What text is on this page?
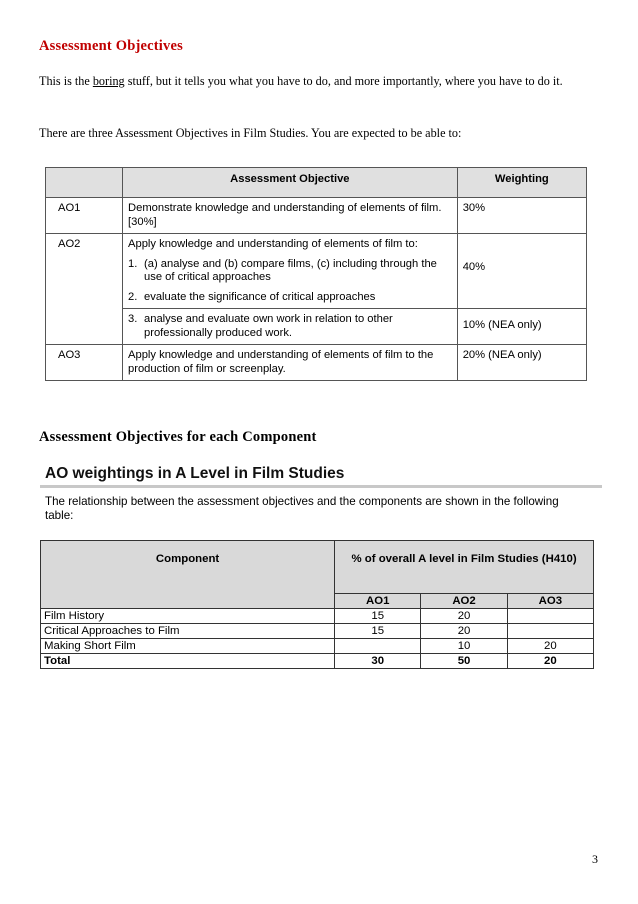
Assessment Objectives

This is the boring stuff, but it tells you what you have to do, and more importantly, where you have to do it.

There are three Assessment Objectives in Film Studies. You are expected to be able to:

	Assessment Objective	Weighting
AO1	Demonstrate knowledge and understanding of elements of film. [30%]	30%
AO2	Apply knowledge and understanding of elements of film to:
1. (a) analyse and (b) compare films, (c) including through the use of critical approaches
2. evaluate the significance of critical approaches	40%

	3. analyse and evaluate own work in relation to other professionally produced work.	10% (NEA only)
AO3	Apply knowledge and understanding of elements of film to the production of film or screenplay.	20% (NEA only)
Assessment Objectives for each Component
AO weightings in A Level in Film Studies

The relationship between the assessment objectives and the components are shown in the following table:

Component	% of overall A level in Film Studies (H410)		
	AO1	AO2	AO3
Film History	15	20	
Critical Approaches to Film	15	20	
Making Short Film		10	20
Total	30	50	20

3
